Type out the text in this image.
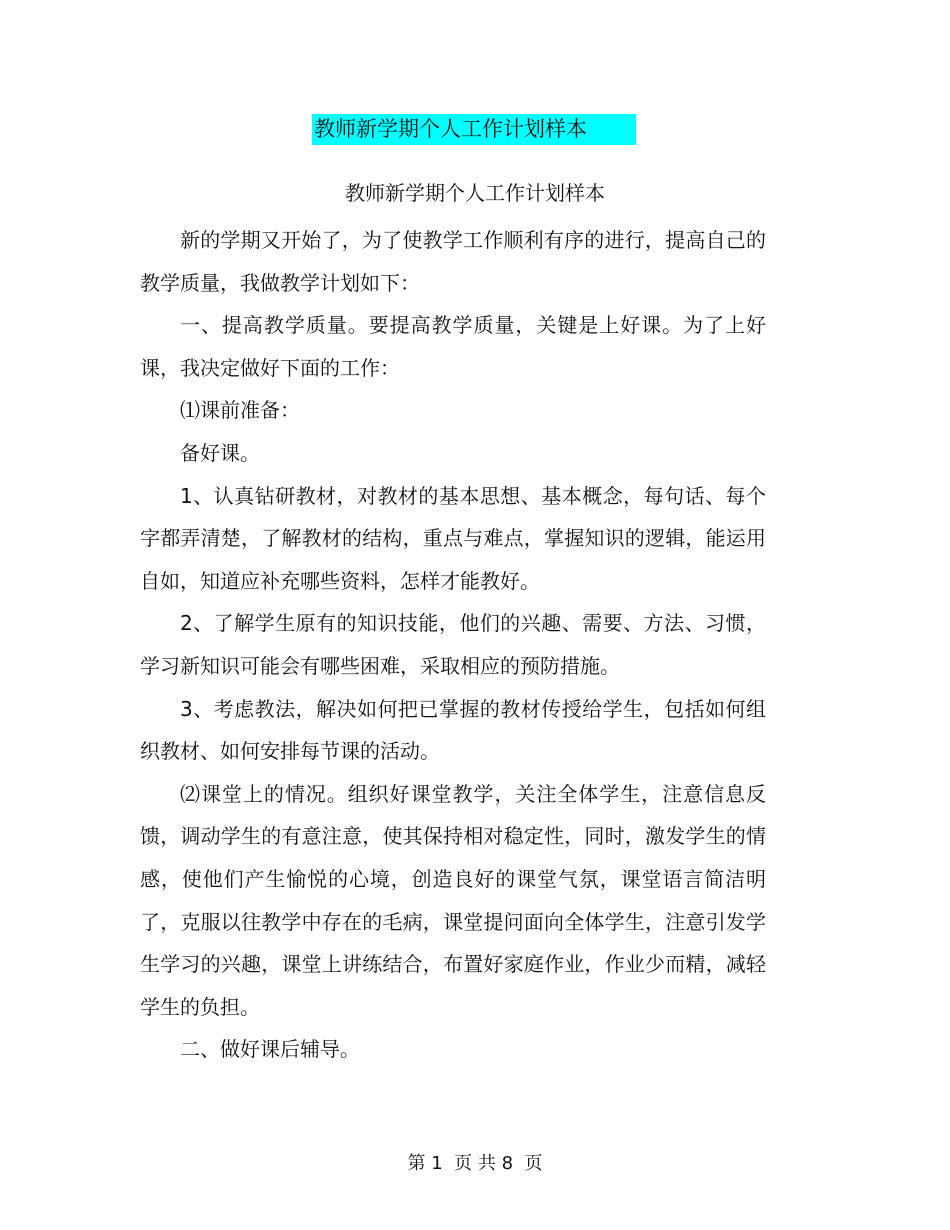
教师新学期个人工作计划样本
教师新学期个人工作计划样本

新的学期又开始了，为了使教学工作顺利有序的进行，提高自己的教学质量，我做教学计划如下：

一、提高教学质量。要提高教学质量，关键是上好课。为了上好课，我决定做好下面的工作：

⑴课前准备：

备好课。

1、认真钻研教材，对教材的基本思想、基本概念，每句话、每个字都弄清楚，了解教材的结构，重点与难点，掌握知识的逻辑，能运用自如，知道应补充哪些资料，怎样才能教好。

2、了解学生原有的知识技能，他们的兴趣、需要、方法、习惯，学习新知识可能会有哪些困难，采取相应的预防措施。

3、考虑教法，解决如何把已掌握的教材传授给学生，包括如何组织教材、如何安排每节课的活动。

⑵课堂上的情况。组织好课堂教学，关注全体学生，注意信息反馈，调动学生的有意注意，使其保持相对稳定性，同时，激发学生的情感，使他们产生愉悦的心境，创造良好的课堂气氛，课堂语言简洁明了，克服以往教学中存在的毛病，课堂提问面向全体学生，注意引发学生学习的兴趣，课堂上讲练结合，布置好家庭作业，作业少而精，减轻学生的负担。

二、做好课后辅导。

第 1  页 共 8  页
